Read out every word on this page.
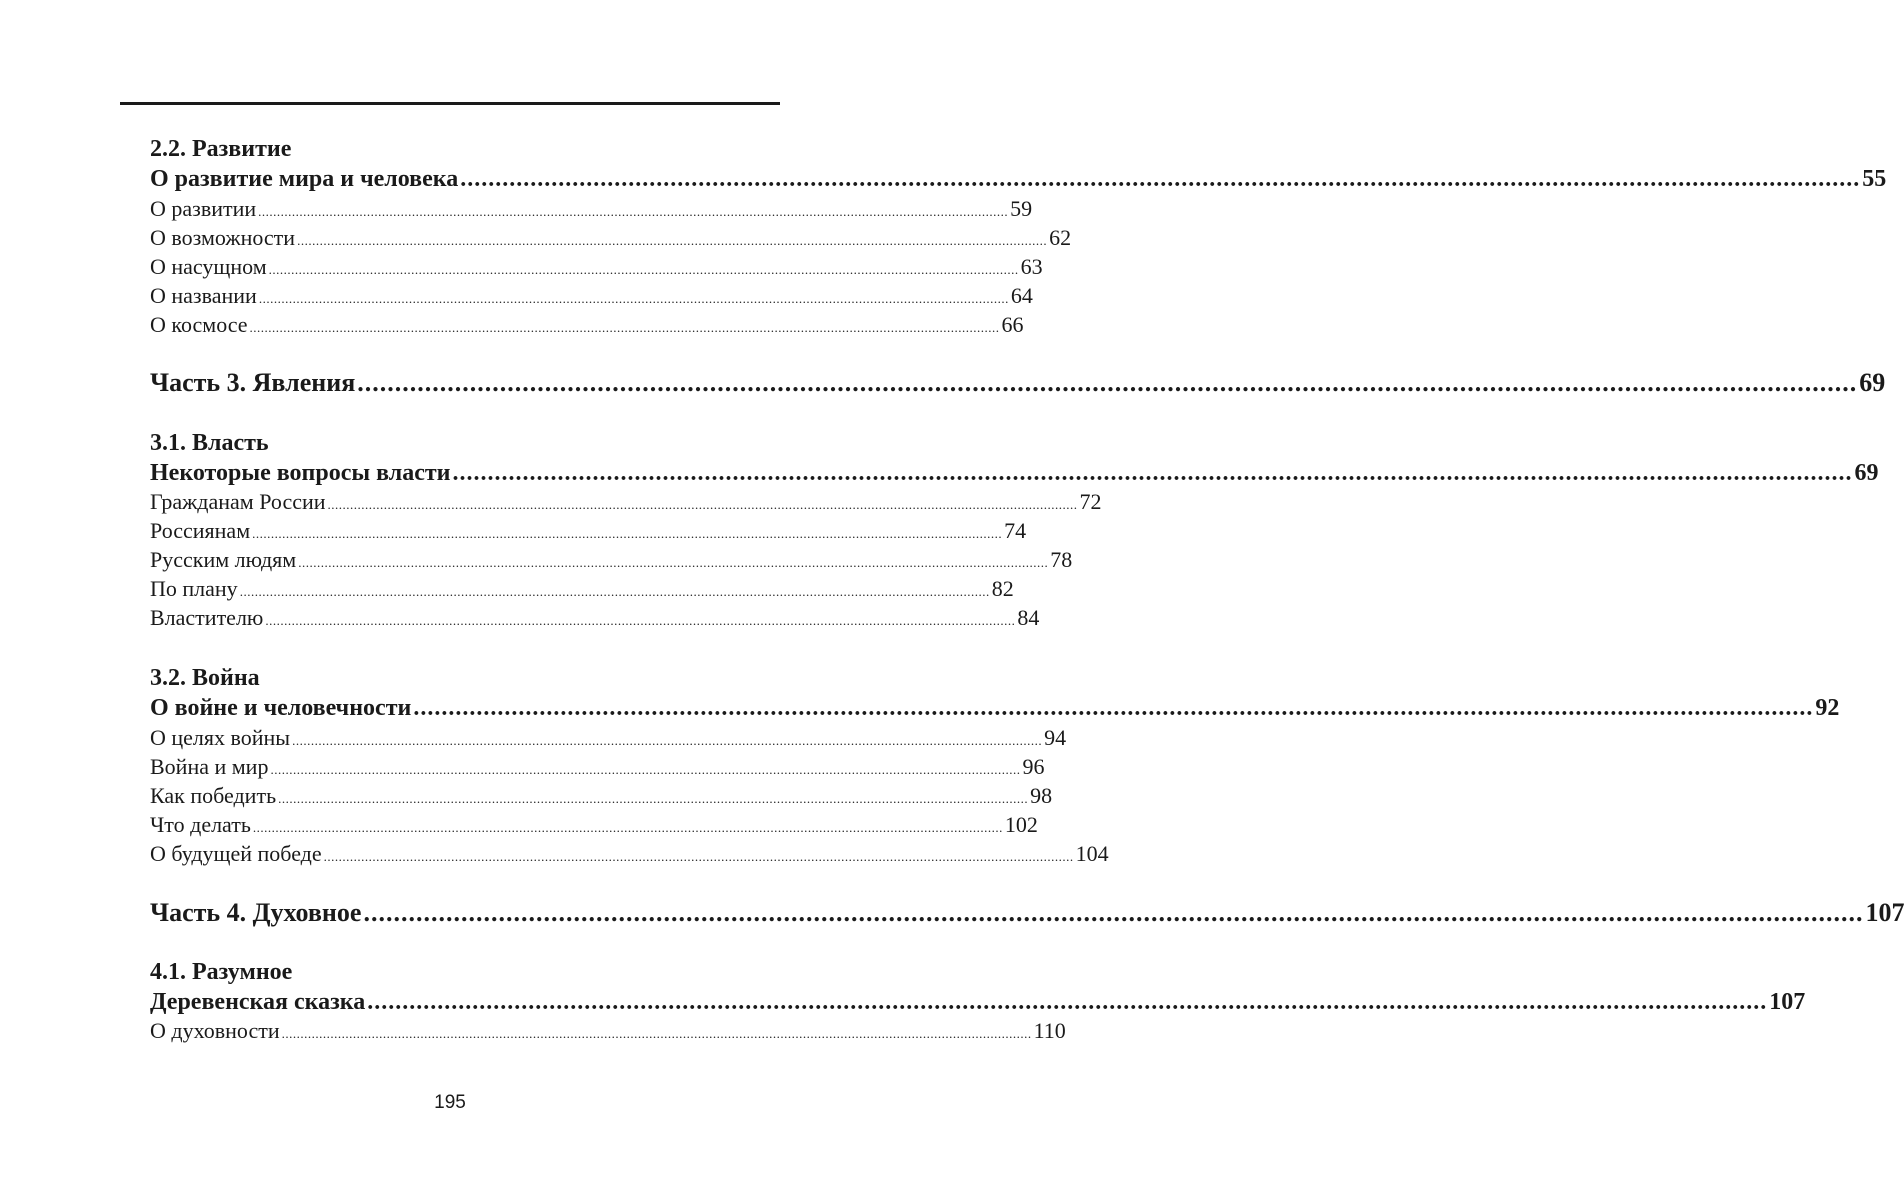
2.2. Развитие
О развитие мира и человека ........................................................................................................................................................................................................ 55
О развитии ........................................................................................................................................................................................................ 59
О возможности ........................................................................................................................................................................................................ 62
О насущном ........................................................................................................................................................................................................ 63
О названии ........................................................................................................................................................................................................ 64
О космосе ........................................................................................................................................................................................................ 66
Часть 3. Явления ........................................................................................................................................................................................................ 69
3.1. Власть
Некоторые вопросы власти ........................................................................................................................................................................................................ 69
Гражданам России ........................................................................................................................................................................................................ 72
Россиянам ........................................................................................................................................................................................................ 74
Русским людям ........................................................................................................................................................................................................ 78
По плану ........................................................................................................................................................................................................ 82
Властителю ........................................................................................................................................................................................................ 84
3.2. Война
О войне и человечности ........................................................................................................................................................................................................ 92
О целях войны ........................................................................................................................................................................................................ 94
Война и мир ........................................................................................................................................................................................................ 96
Как победить ........................................................................................................................................................................................................ 98
Что делать ........................................................................................................................................................................................................ 102
О будущей победе ........................................................................................................................................................................................................ 104
Часть 4. Духовное ........................................................................................................................................................................................................ 107
4.1. Разумное
Деревенская сказка ........................................................................................................................................................................................................ 107
О духовности ........................................................................................................................................................................................................ 110
195
